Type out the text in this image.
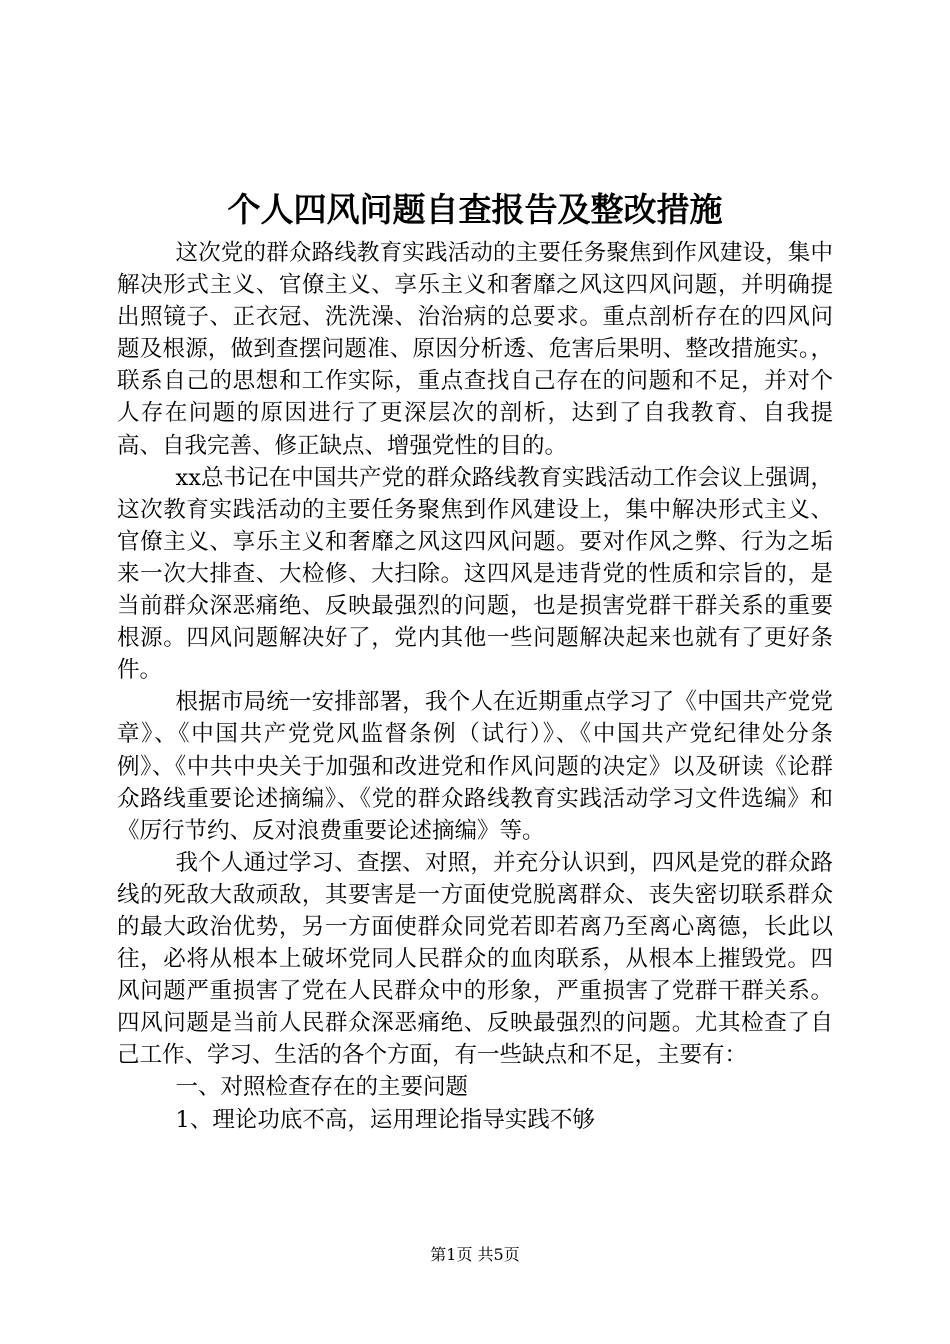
个人四风问题自查报告及整改措施

这次党的群众路线教育实践活动的主要任务聚焦到作风建设，集中解决形式主义、官僚主义、享乐主义和奢靡之风这四风问题，并明确提出照镜子、正衣冠、洗洗澡、治治病的总要求。重点剖析存在的四风问题及根源，做到查摆问题准、原因分析透、危害后果明、整改措施实。，联系自己的思想和工作实际，重点查找自己存在的问题和不足，并对个人存在问题的原因进行了更深层次的剖析，达到了自我教育、自我提高、自我完善、修正缺点、增强党性的目的。

xx总书记在中国共产党的群众路线教育实践活动工作会议上强调，这次教育实践活动的主要任务聚焦到作风建设上，集中解决形式主义、官僚主义、享乐主义和奢靡之风这四风问题。要对作风之弊、行为之垢来一次大排查、大检修、大扫除。这四风是违背党的性质和宗旨的，是当前群众深恶痛绝、反映最强烈的问题，也是损害党群干群关系的重要根源。四风问题解决好了，党内其他一些问题解决起来也就有了更好条件。

根据市局统一安排部署，我个人在近期重点学习了《中国共产党党章》、《中国共产党党风监督条例（试行）》、《中国共产党纪律处分条例》、《中共中央关于加强和改进党和作风问题的决定》以及研读《论群众路线重要论述摘编》、《党的群众路线教育实践活动学习文件选编》和《厉行节约、反对浪费重要论述摘编》等。

我个人通过学习、查摆、对照，并充分认识到，四风是党的群众路线的死敌大敌顽敌，其要害是一方面使党脱离群众、丧失密切联系群众的最大政治优势，另一方面使群众同党若即若离乃至离心离德，长此以往，必将从根本上破坏党同人民群众的血肉联系，从根本上摧毁党。四风问题严重损害了党在人民群众中的形象，严重损害了党群干群关系。四风问题是当前人民群众深恶痛绝、反映最强烈的问题。尤其检查了自己工作、学习、生活的各个方面，有一些缺点和不足，主要有：

一、对照检查存在的主要问题

1、理论功底不高，运用理论指导实践不够

第1页 共5页
